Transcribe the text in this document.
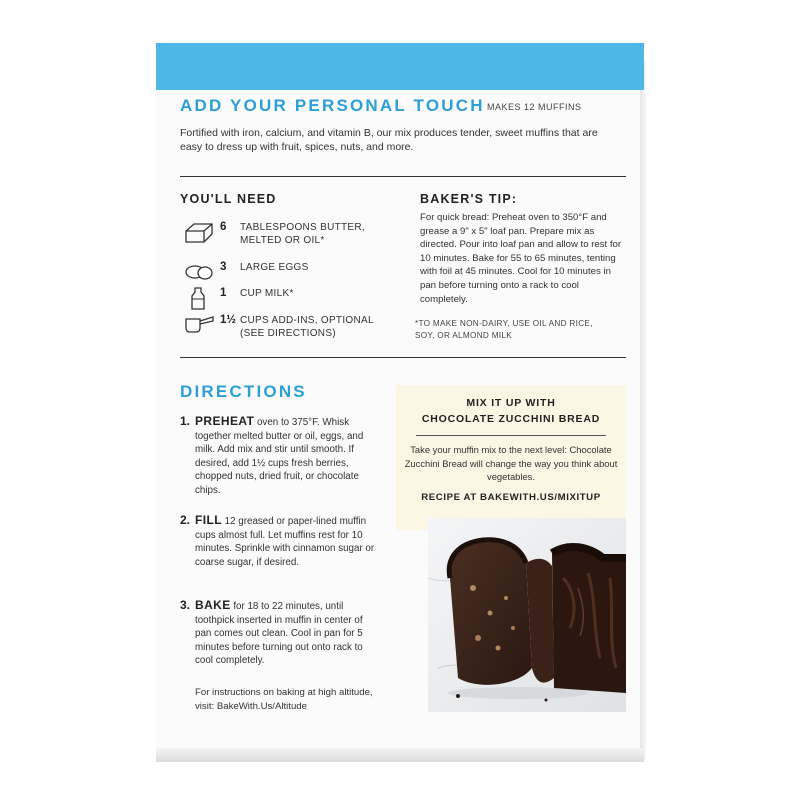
ADD YOUR PERSONAL TOUCH MAKES 12 MUFFINS
Fortified with iron, calcium, and vitamin B, our mix produces tender, sweet muffins that are easy to dress up with fruit, spices, nuts, and more.
YOU'LL NEED
6 TABLESPOONS BUTTER, MELTED OR OIL*
3 LARGE EGGS
1 CUP MILK*
1½ CUPS ADD-INS, OPTIONAL (SEE DIRECTIONS)
BAKER'S TIP:
For quick bread: Preheat oven to 350°F and grease a 9" x 5" loaf pan. Prepare mix as directed. Pour into loaf pan and allow to rest for 10 minutes. Bake for 55 to 65 minutes, tenting with foil at 45 minutes. Cool for 10 minutes in pan before turning onto a rack to cool completely.
*TO MAKE NON-DAIRY, USE OIL AND RICE, SOY, OR ALMOND MILK
DIRECTIONS
1. PREHEAT oven to 375°F. Whisk together melted butter or oil, eggs, and milk. Add mix and stir until smooth. If desired, add 1½ cups fresh berries, chopped nuts, dried fruit, or chocolate chips.
2. FILL 12 greased or paper-lined muffin cups almost full. Let muffins rest for 10 minutes. Sprinkle with cinnamon sugar or coarse sugar, if desired.
3. BAKE for 18 to 22 minutes, until toothpick inserted in muffin in center of pan comes out clean. Cool in pan for 5 minutes before turning out onto rack to cool completely.
For instructions on baking at high altitude, visit: BakeWith.Us/Altitude
MIX IT UP WITH
CHOCOLATE ZUCCHINI BREAD
Take your muffin mix to the next level: Chocolate Zucchini Bread will change the way you think about vegetables.
RECIPE AT BAKEWITH.US/MIXITUP
